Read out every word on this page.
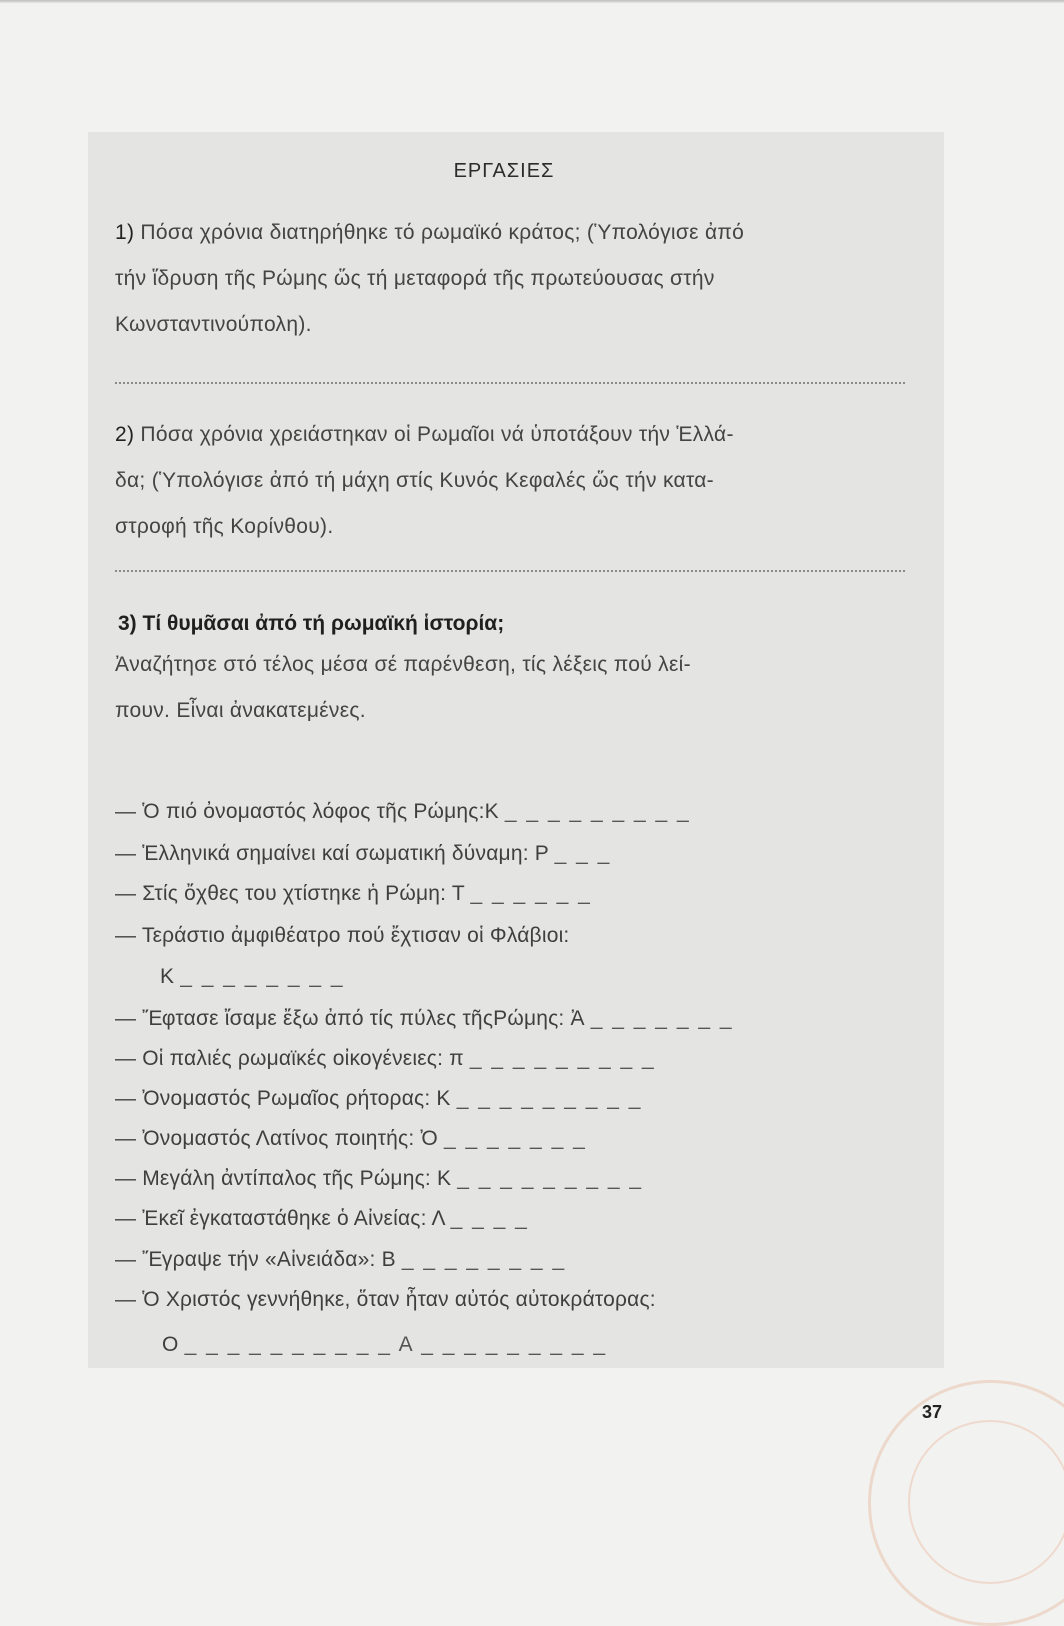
ΕΡΓΑΣΙΕΣ
1) Πόσα χρόνια διατηρήθηκε τό ρωμαϊκό κράτος; (Ὑπολόγισε ἀπό
τήν ἵδρυση τῆς Ρώμης ὥς τή μεταφορά τῆς πρωτεύουσας στήν
Κωνσταντινούπολη).
2) Πόσα χρόνια χρειάστηκαν οἱ Ρωμαῖοι νά ὑποτάξουν τήν Ἑλλά-
δα; (Ὑπολόγισε ἀπό τή μάχη στίς Κυνός Κεφαλές ὥς τήν κατα-
στροφή τῆς Κορίνθου).
3) Τί θυμᾶσαι ἀπό τή ρωμαϊκή ἱστορία;
Ἀναζήτησε στό τέλος μέσα σέ παρένθεση, τίς λέξεις πού λεί-
πουν. Εἶναι ἀνακατεμένες.
— Ὁ πιό ὀνομαστός λόφος τῆς Ρώμης:Κ _ _ _ _ _ _ _ _ _
— Ἑλληνικά σημαίνει καί σωματική δύναμη: Ρ _ _ _
— Στίς ὄχθες του χτίστηκε ἡ Ρώμη: Τ _ _ _ _ _ _
— Τεράστιο ἀμφιθέατρο πού ἔχτισαν οἱ Φλάβιοι:
Κ _ _ _ _ _ _ _ _
— Ἔφτασε ἴσαμε ἔξω ἀπό τίς πύλες τῆςΡώμης: Ἀ _ _ _ _ _ _ _
— Οἱ παλιές ρωμαϊκές οἰκογένειες: π _ _ _ _ _ _ _ _ _
— Ὀνομαστός Ρωμαῖος ρήτορας: Κ _ _ _ _ _ _ _ _ _
— Ὀνομαστός Λατίνος ποιητής: Ὀ _ _ _ _ _ _ _
— Μεγάλη ἀντίπαλος τῆς Ρώμης: Κ _ _ _ _ _ _ _ _ _
— Ἐκεῖ ἐγκαταστάθηκε ὁ Αἰνείας: Λ _ _ _ _
— Ἔγραψε τήν «Αἰνειάδα»: Β _ _ _ _ _ _ _ _
— Ὁ Χριστός γεννήθηκε, ὅταν ἦταν αὐτός αὐτοκράτορας:
Ο _ _ _ _ _ _ _ _ _ _ Α _ _ _ _ _ _ _ _ _
37
